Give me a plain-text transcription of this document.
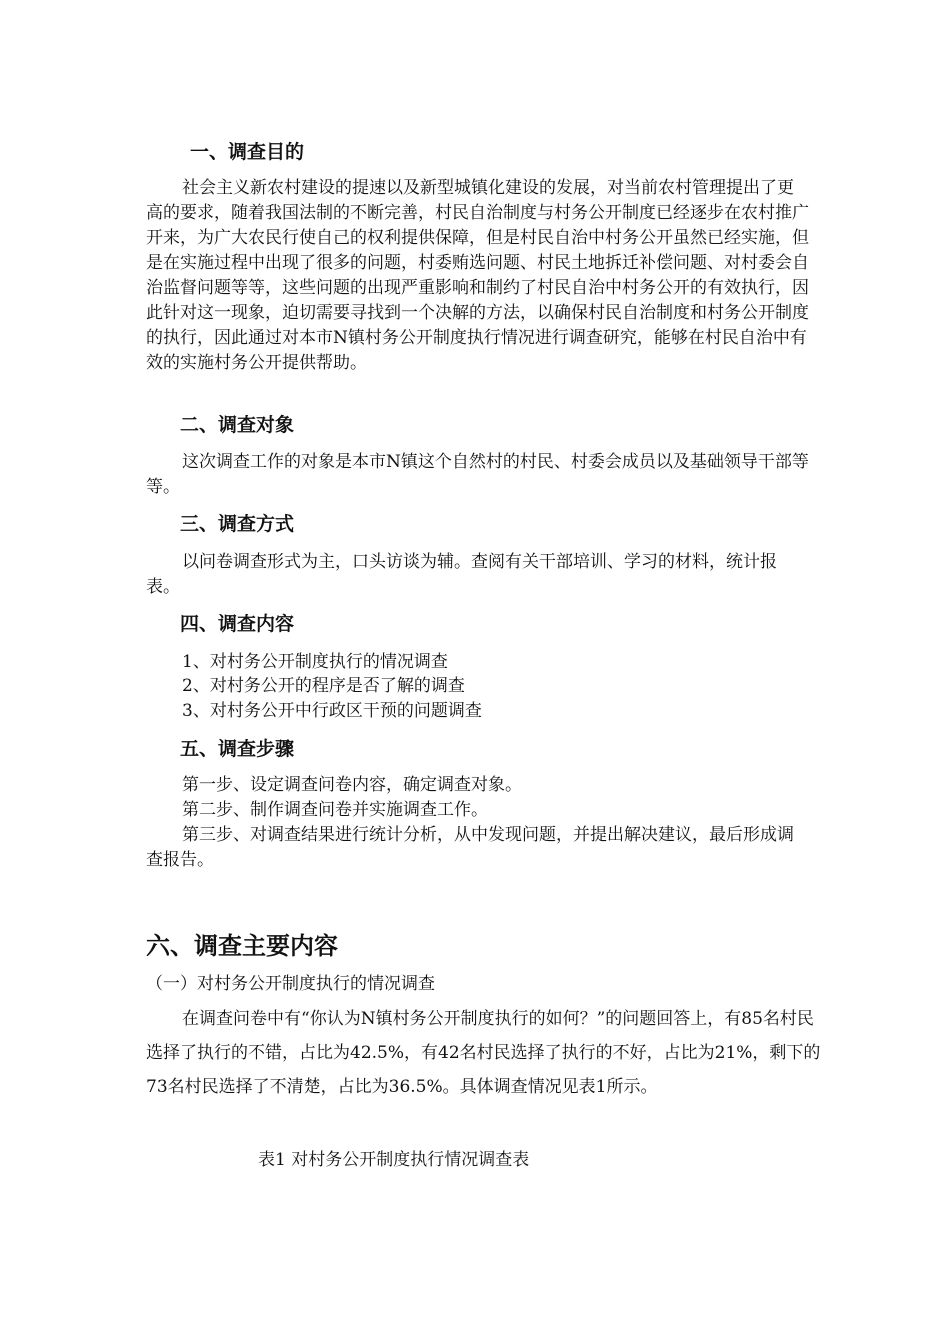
一、调查目的
社会主义新农村建设的提速以及新型城镇化建设的发展，对当前农村管理提出了更高的要求，随着我国法制的不断完善，村民自治制度与村务公开制度已经逐步在农村推广开来，为广大农民行使自己的权利提供保障，但是村民自治中村务公开虽然已经实施，但是在实施过程中出现了很多的问题，村委贿选问题、村民土地拆迁补偿问题、对村委会自治监督问题等等，这些问题的出现严重影响和制约了村民自治中村务公开的有效执行，因此针对这一现象，迫切需要寻找到一个决解的方法，以确保村民自治制度和村务公开制度的执行，因此通过对本市N镇村务公开制度执行情况进行调查研究，能够在村民自治中有效的实施村务公开提供帮助。
二、调查对象
这次调查工作的对象是本市N镇这个自然村的村民、村委会成员以及基础领导干部等等。
三、调查方式
以问卷调查形式为主，口头访谈为辅。查阅有关干部培训、学习的材料，统计报表。
四、调查内容
1、对村务公开制度执行的情况调查
2、对村务公开的程序是否了解的调查
3、对村务公开中行政区干预的问题调查
五、调查步骤
第一步、设定调查问卷内容，确定调查对象。
第二步、制作调查问卷并实施调查工作。
第三步、对调查结果进行统计分析，从中发现问题，并提出解决建议，最后形成调查报告。
六、调查主要内容
（一）对村务公开制度执行的情况调查
在调查问卷中有“你认为N镇村务公开制度执行的如何？”的问题回答上，有85名村民选择了执行的不错，占比为42.5%，有42名村民选择了执行的不好，占比为21%，剩下的73名村民选择了不清楚，占比为36.5%。具体调查情况见表1所示。
表1 对村务公开制度执行情况调查表
